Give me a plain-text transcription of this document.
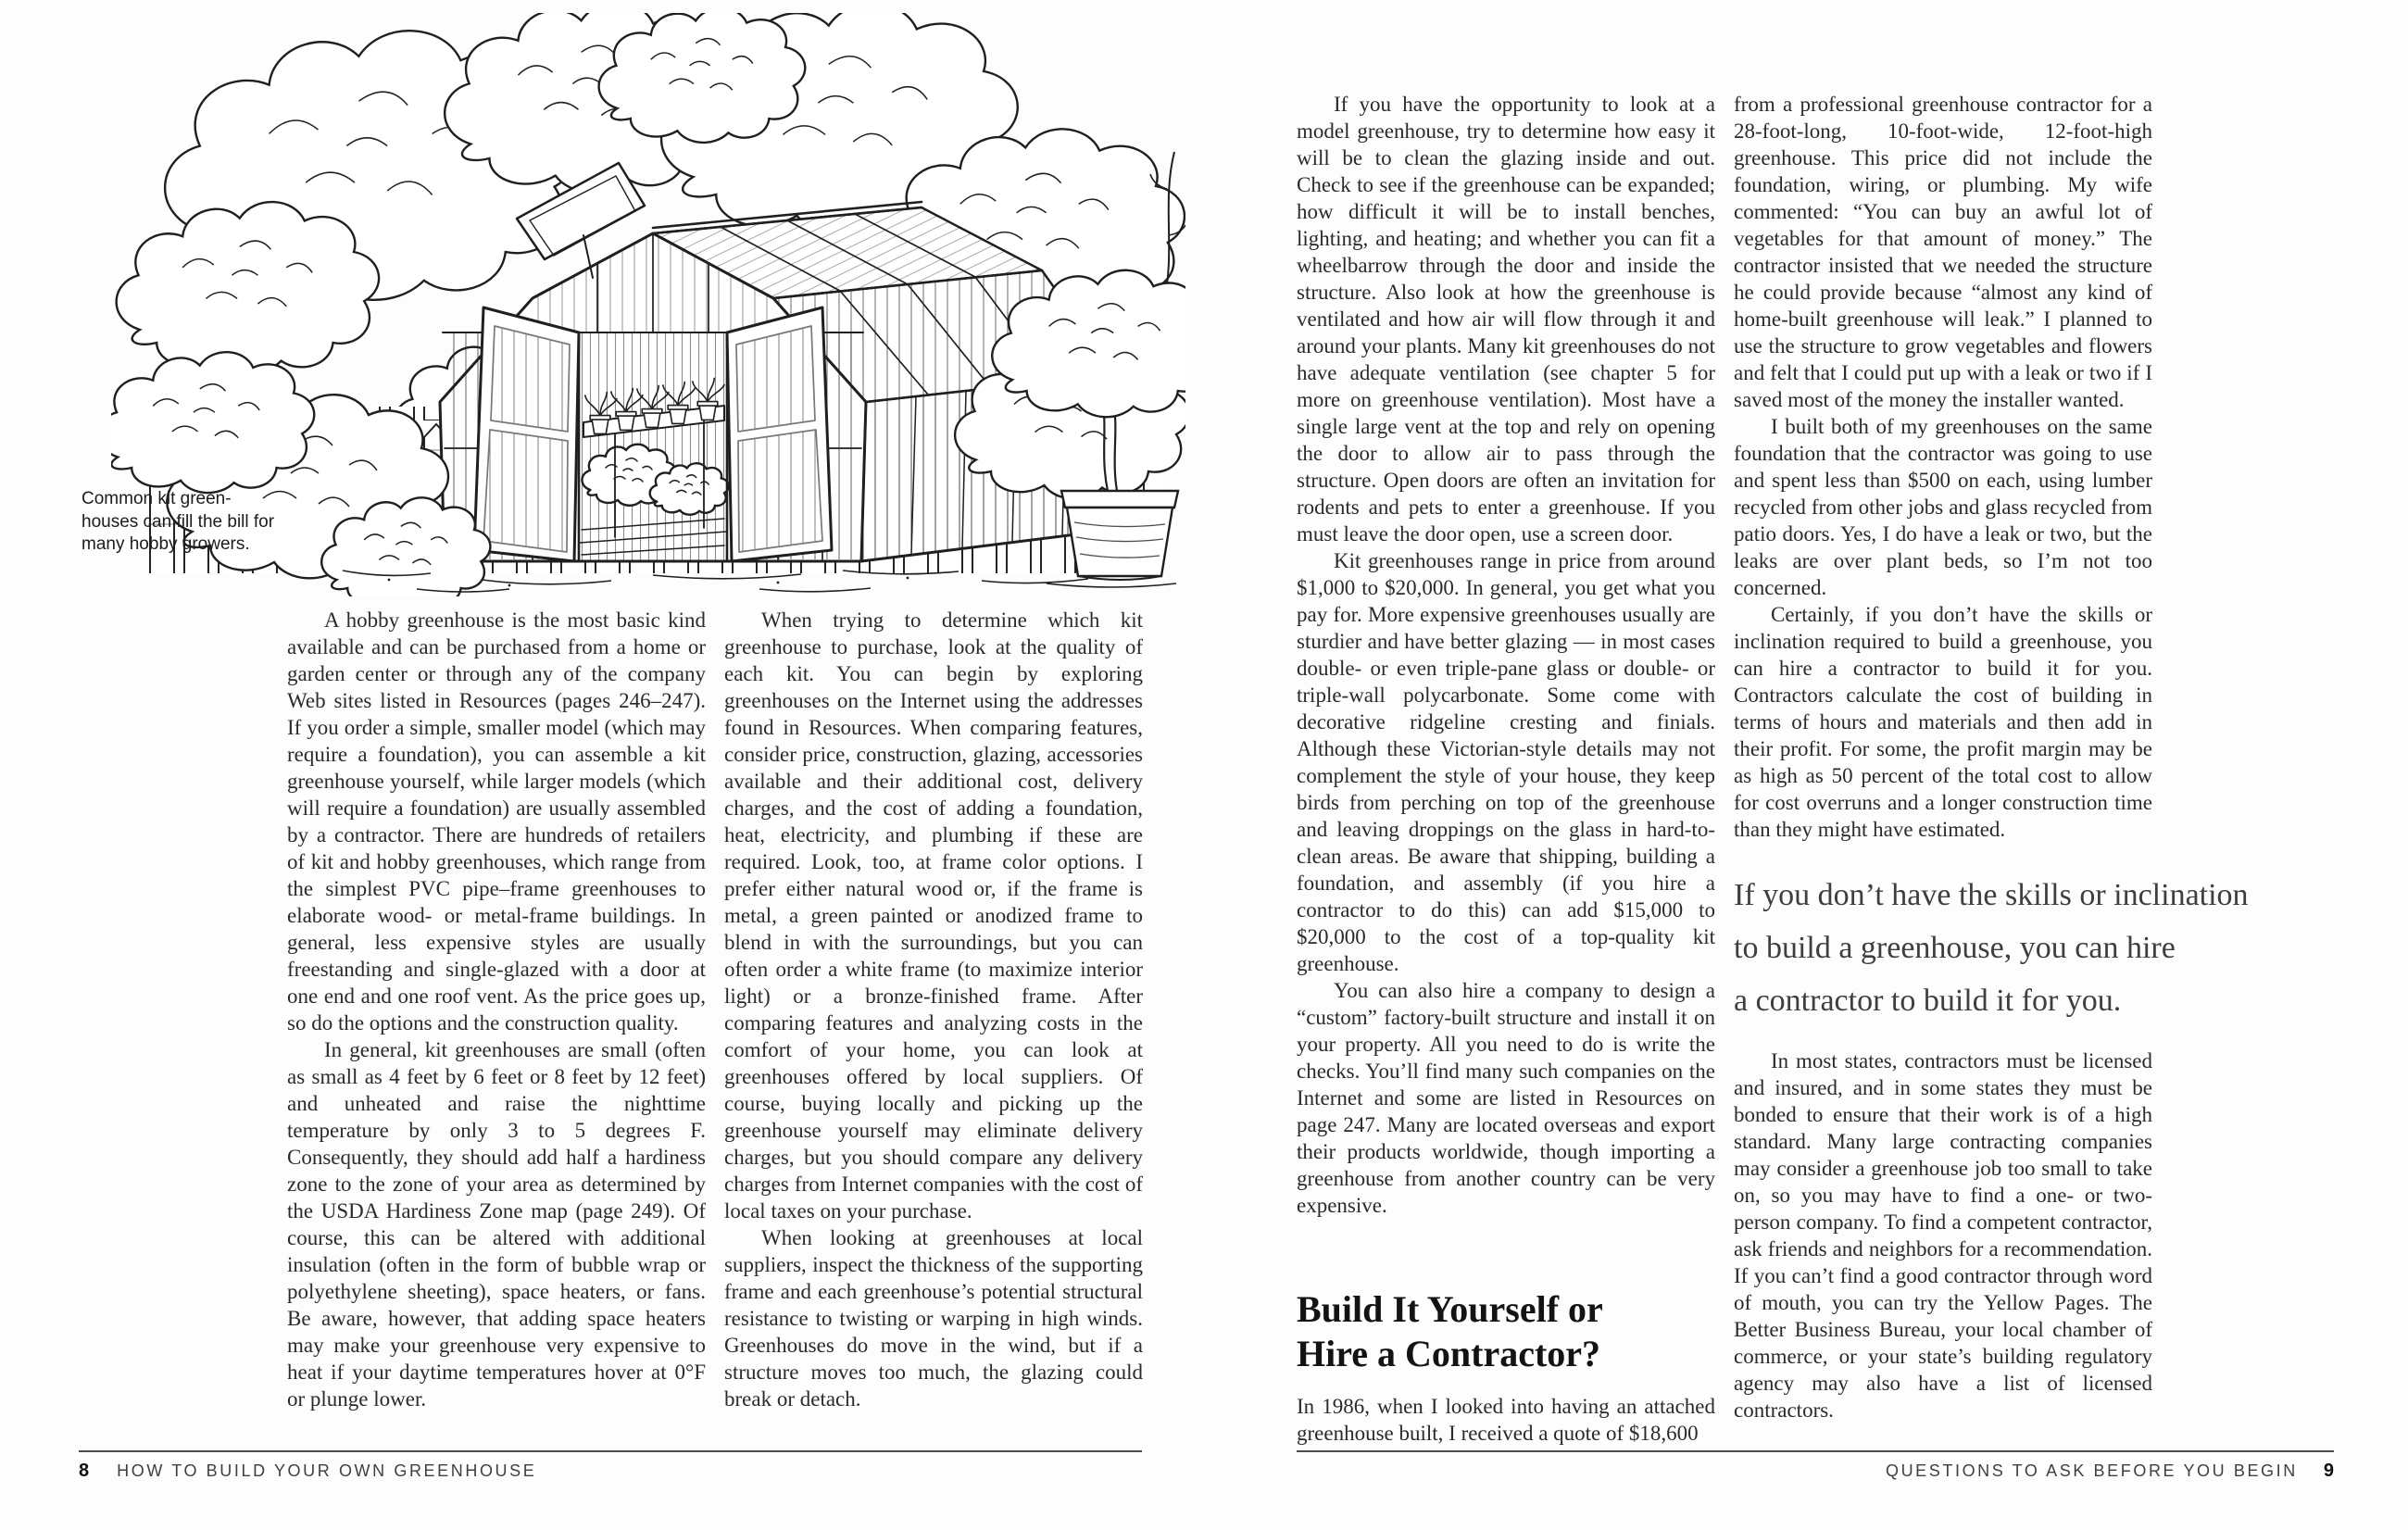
Common kit green-
houses can fill the bill for
many hobby growers.

A hobby greenhouse is the most basic kind available and can be purchased from a home or garden center or through any of the company Web sites listed in Resources (pages 246–247). If you order a simple, smaller model (which may require a foundation), you can assemble a kit greenhouse yourself, while larger models (which will require a foundation) are usually assembled by a contractor. There are hundreds of retailers of kit and hobby greenhouses, which range from the simplest PVC pipe–frame greenhouses to elaborate wood- or metal-frame buildings. In general, less expensive styles are usually freestanding and single-glazed with a door at one end and one roof vent. As the price goes up, so do the options and the construction quality.

In general, kit greenhouses are small (often as small as 4 feet by 6 feet or 8 feet by 12 feet) and unheated and raise the nighttime temperature by only 3 to 5 degrees F. Consequently, they should add half a hardiness zone to the zone of your area as determined by the USDA Hardiness Zone map (page 249). Of course, this can be altered with additional insulation (often in the form of bubble wrap or polyethylene sheeting), space heaters, or fans. Be aware, however, that adding space heaters may make your greenhouse very expensive to heat if your daytime temperatures hover at 0°F or plunge lower.

When trying to determine which kit greenhouse to purchase, look at the quality of each kit. You can begin by exploring greenhouses on the Internet using the addresses found in Resources. When comparing features, consider price, construction, glazing, accessories available and their additional cost, delivery charges, and the cost of adding a foundation, heat, electricity, and plumbing if these are required. Look, too, at frame color options. I prefer either natural wood or, if the frame is metal, a green painted or anodized frame to blend in with the surroundings, but you can often order a white frame (to maximize interior light) or a bronze-finished frame. After comparing features and analyzing costs in the comfort of your home, you can look at greenhouses offered by local suppliers. Of course, buying locally and picking up the greenhouse yourself may eliminate delivery charges, but you should compare any delivery charges from Internet companies with the cost of local taxes on your purchase.

When looking at greenhouses at local suppliers, inspect the thickness of the supporting frame and each greenhouse’s potential structural resistance to twisting or warping in high winds. Greenhouses do move in the wind, but if a structure moves too much, the glazing could break or detach.

If you have the opportunity to look at a model greenhouse, try to determine how easy it will be to clean the glazing inside and out. Check to see if the greenhouse can be expanded; how difficult it will be to install benches, lighting, and heating; and whether you can fit a wheelbarrow through the door and inside the structure. Also look at how the greenhouse is ventilated and how air will flow through it and around your plants. Many kit greenhouses do not have adequate ventilation (see chapter 5 for more on greenhouse ventilation). Most have a single large vent at the top and rely on opening the door to allow air to pass through the structure. Open doors are often an invitation for rodents and pets to enter a greenhouse. If you must leave the door open, use a screen door.

Kit greenhouses range in price from around $1,000 to $20,000. In general, you get what you pay for. More expensive greenhouses usually are sturdier and have better glazing — in most cases double- or even triple-pane glass or double- or triple-wall polycarbonate. Some come with decorative ridgeline cresting and finials. Although these Victorian-style details may not complement the style of your house, they keep birds from perching on top of the greenhouse and leaving droppings on the glass in hard-to-clean areas. Be aware that shipping, building a foundation, and assembly (if you hire a contractor to do this) can add $15,000 to $20,000 to the cost of a top-quality kit greenhouse.

You can also hire a company to design a “custom” factory-built structure and install it on your property. All you need to do is write the checks. You’ll find many such companies on the Internet and some are listed in Resources on page 247. Many are located overseas and export their products worldwide, though importing a greenhouse from another country can be very expensive.

Build It Yourself or
Hire a Contractor?

In 1986, when I looked into having an attached greenhouse built, I received a quote of $18,600

from a professional greenhouse contractor for a 28-foot-long, 10-foot-wide, 12-foot-high greenhouse. This price did not include the foundation, wiring, or plumbing. My wife commented: “You can buy an awful lot of vegetables for that amount of money.” The contractor insisted that we needed the structure he could provide because “almost any kind of home-built greenhouse will leak.” I planned to use the structure to grow vegetables and flowers and felt that I could put up with a leak or two if I saved most of the money the installer wanted.

I built both of my greenhouses on the same foundation that the contractor was going to use and spent less than $500 on each, using lumber recycled from other jobs and glass recycled from patio doors. Yes, I do have a leak or two, but the leaks are over plant beds, so I’m not too concerned.

Certainly, if you don’t have the skills or inclination required to build a greenhouse, you can hire a contractor to build it for you. Contractors calculate the cost of building in terms of hours and materials and then add in their profit. For some, the profit margin may be as high as 50 percent of the total cost to allow for cost overruns and a longer construction time than they might have estimated.

If you don’t have the skills or inclination
to build a greenhouse, you can hire
a contractor to build it for you.

In most states, contractors must be licensed and insured, and in some states they must be bonded to ensure that their work is of a high standard. Many large contracting companies may consider a greenhouse job too small to take on, so you may have to find a one- or two-person company. To find a competent contractor, ask friends and neighbors for a recommendation. If you can’t find a good contractor through word of mouth, you can try the Yellow Pages. The Better Business Bureau, your local chamber of commerce, or your state’s building regulatory agency may also have a list of licensed contractors.

8 HOW TO BUILD YOUR OWN GREENHOUSE	QUESTIONS TO ASK BEFORE YOU BEGIN 9
